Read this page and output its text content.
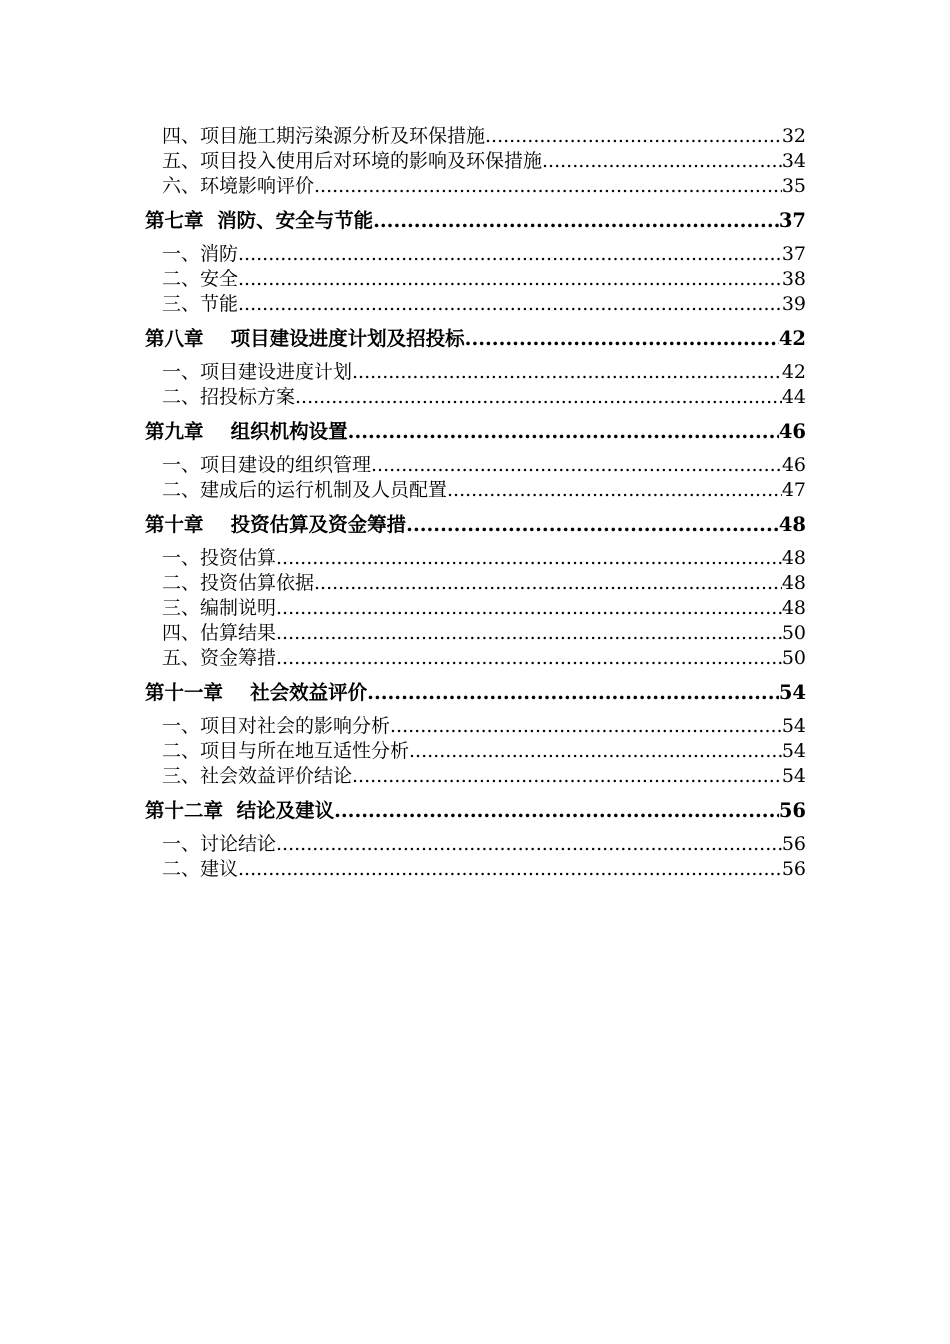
四、项目施工期污染源分析及环保措施 .....	32
五、项目投入使用后对环境的影响及环保措施 .....	34
六、环境影响评价 .....	35
第七章  消防、安全与节能 .....	37
一、消防 .....	37
二、安全 .....	38
三、节能 .....	39
第八章    项目建设进度计划及招投标 .....	42
一、项目建设进度计划 .....	42
二、招投标方案 .....	44
第九章    组织机构设置 .....	46
一、项目建设的组织管理 .....	46
二、建成后的运行机制及人员配置 .....	47
第十章    投资估算及资金筹措 .....	48
一、投资估算 .....	48
二、投资估算依据 .....	48
三、编制说明 .....	48
四、估算结果 .....	50
五、资金筹措 .....	50
第十一章    社会效益评价 .....	54
一、项目对社会的影响分析 .....	54
二、项目与所在地互适性分析 .....	54
三、社会效益评价结论 .....	54
第十二章  结论及建议 .....	56
一、讨论结论 .....	56
二、建议 .....	56
